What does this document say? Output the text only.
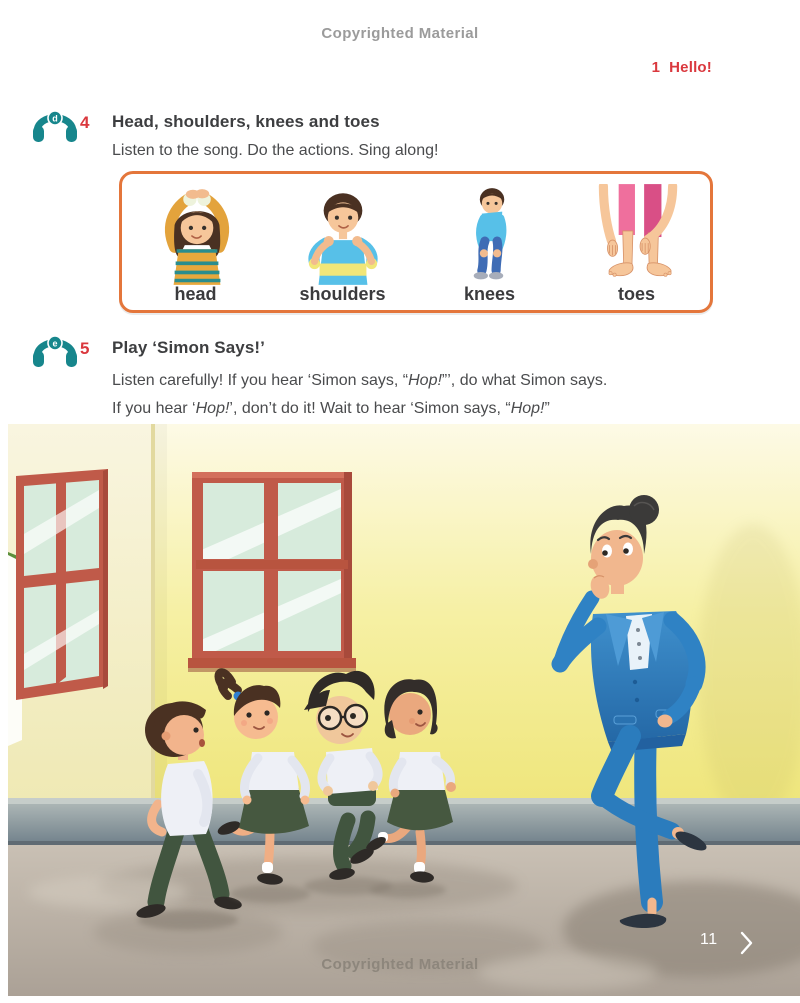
Copyrighted Material
1 Hello!
d 4 Head, shoulders, knees and toes
Listen to the song. Do the actions. Sing along!
head	shoulders	knees	toes
e 5 Play ‘Simon Says!’
Listen carefully! If you hear ‘Simon says, “Hop!”’, do what Simon says.
If you hear ‘Hop!’, don’t do it! Wait to hear ‘Simon says, “Hop!”
11
Copyrighted Material
